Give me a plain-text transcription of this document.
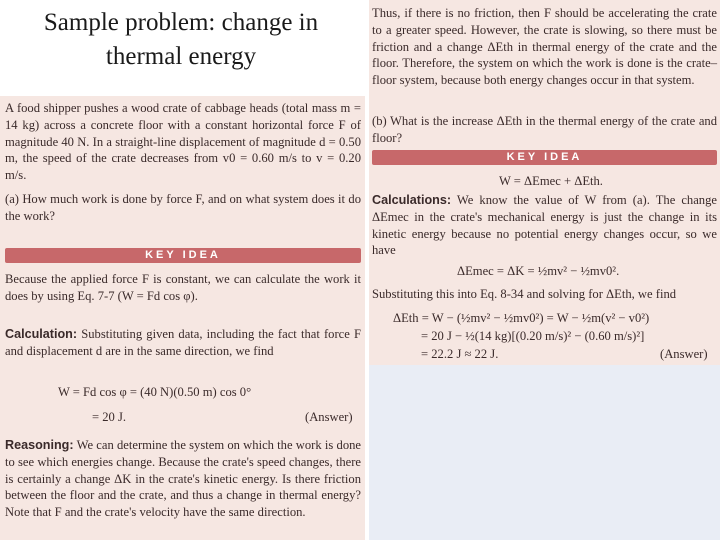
Sample problem: change in
thermal energy

A food shipper pushes a wood crate of cabbage heads (total mass m = 14 kg) across a concrete floor with a constant horizontal force F of magnitude 40 N. In a straight-line displacement of magnitude d = 0.50 m, the speed of the crate decreases from v0 = 0.60 m/s to v = 0.20 m/s.

(a) How much work is done by force F, and on what system does it do the work?

KEY IDEA

Because the applied force F is constant, we can calculate the work it does by using Eq. 7-7 (W = Fd cos φ).

Calculation: Substituting given data, including the fact that force F and displacement d are in the same direction, we find

W = Fd cos φ = (40 N)(0.50 m) cos 0°
= 20 J.	(Answer)

Reasoning: We can determine the system on which the work is done to see which energies change. Because the crate's speed changes, there is certainly a change ΔK in the crate's kinetic energy. Is there friction between the floor and the crate, and thus a change in thermal energy? Note that F and the crate's velocity have the same direction.

Thus, if there is no friction, then F should be accelerating the crate to a greater speed. However, the crate is slowing, so there must be friction and a change ΔEth in thermal energy of the crate and the floor. Therefore, the system on which the work is done is the crate–floor system, because both energy changes occur in that system.

(b) What is the increase ΔEth in the thermal energy of the crate and floor?

KEY IDEA
W = ΔEmec + ΔEth.

Calculations: We know the value of W from (a). The change ΔEmec in the crate's mechanical energy is just the change in its kinetic energy because no potential energy changes occur, so we have

ΔEmec = ΔK = ½mv² − ½mv0².

Substituting this into Eq. 8-34 and solving for ΔEth, we find

ΔEth = W − (½mv² − ½mv0²) = W − ½m(v² − v0²)
= 20 J − ½(14 kg)[(0.20 m/s)² − (0.60 m/s)²]
= 22.2 J ≈ 22 J.	(Answer)
